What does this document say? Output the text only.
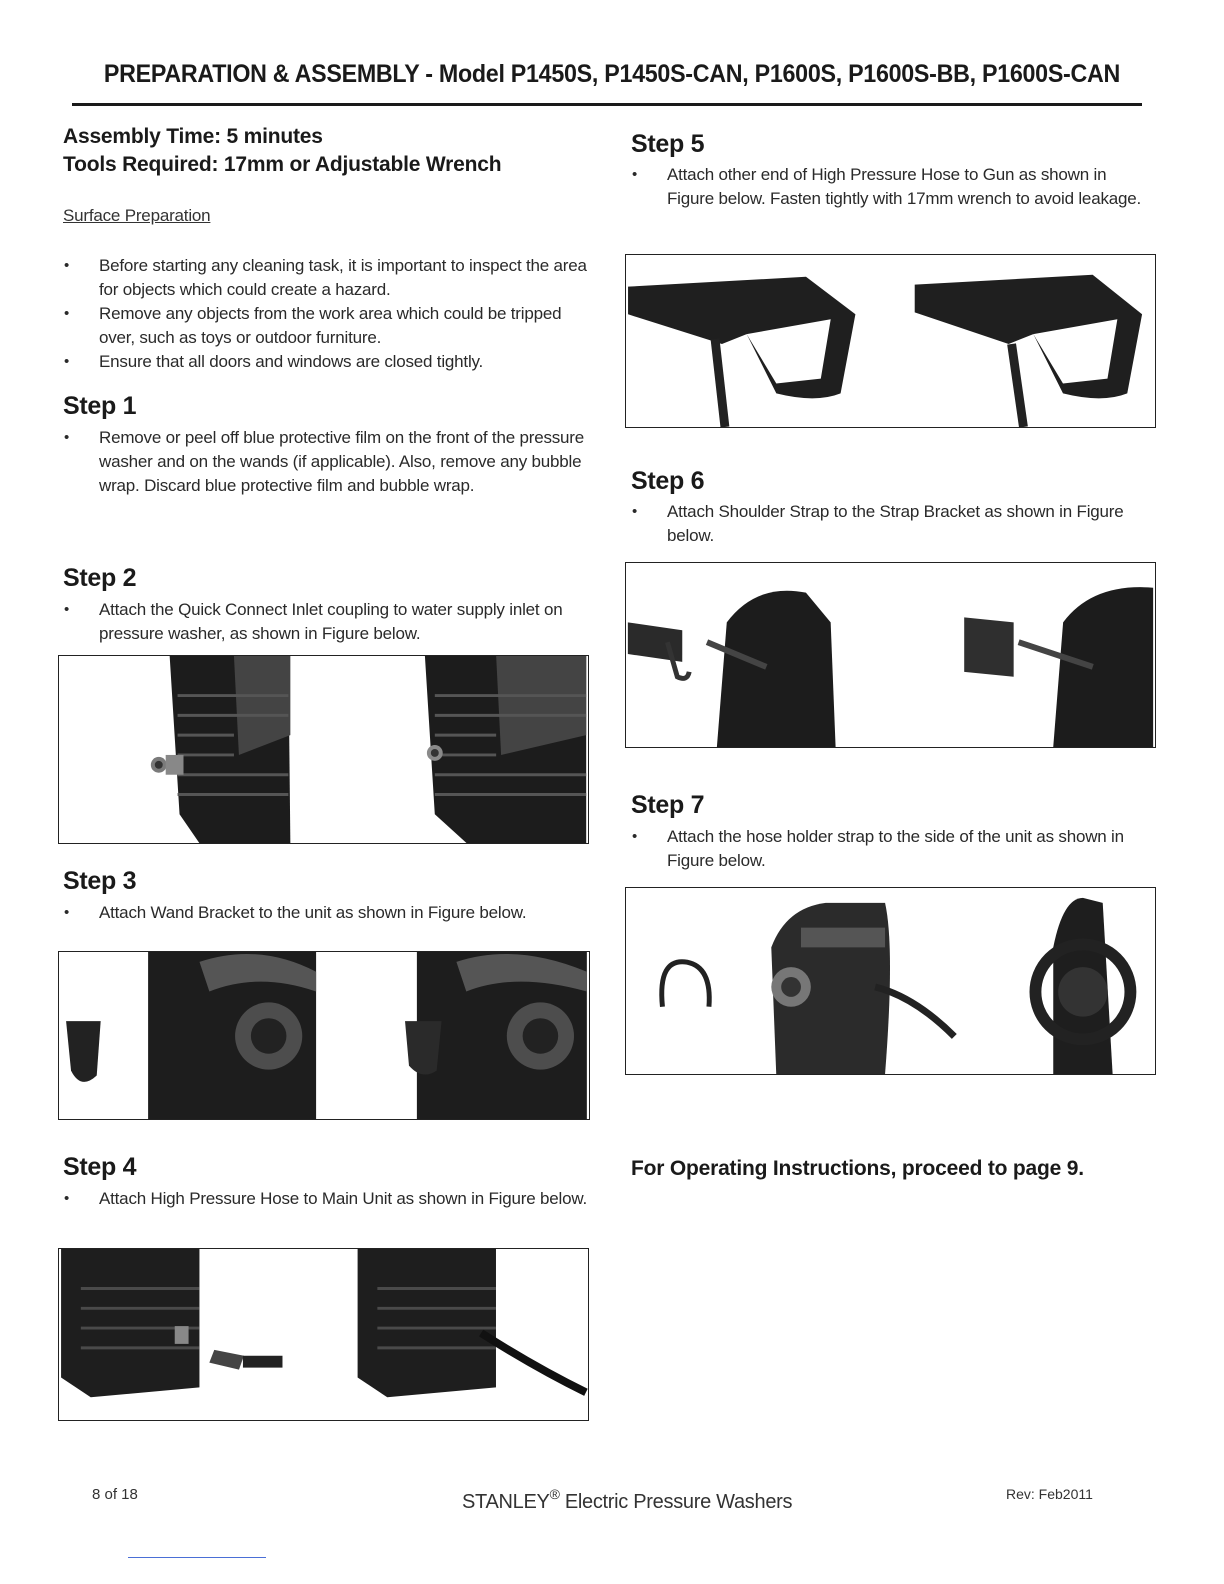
PREPARATION & ASSEMBLY - Model P1450S, P1450S-CAN, P1600S, P1600S-BB, P1600S-CAN
Assembly Time: 5 minutes
Tools Required: 17mm or Adjustable Wrench
Surface Preparation
• Before starting any cleaning task, it is important to inspect the area for objects which could create a hazard.
• Remove any objects from the work area which could be tripped over, such as toys or outdoor furniture.
• Ensure that all doors and windows are closed tightly.
Step 1
• Remove or peel off blue protective film on the front of the pressure washer and on the wands (if applicable). Also, remove any bubble wrap. Discard blue protective film and bubble wrap.
Step 2
• Attach the Quick Connect Inlet coupling to water supply inlet on pressure washer, as shown in Figure below.
Step 3
• Attach Wand Bracket to the unit as shown in Figure below.
Step 4
• Attach High Pressure Hose to Main Unit as shown in Figure below.
Step 5
• Attach other end of High Pressure Hose to Gun as shown in Figure below. Fasten tightly with 17mm wrench to avoid leakage.
Step 6
• Attach Shoulder Strap to the Strap Bracket as shown in Figure below.
Step 7
• Attach the hose holder strap to the side of the unit as shown in Figure below.
For Operating Instructions, proceed to page 9.
8 of 18	STANLEY® Electric Pressure Washers	Rev: Feb2011
